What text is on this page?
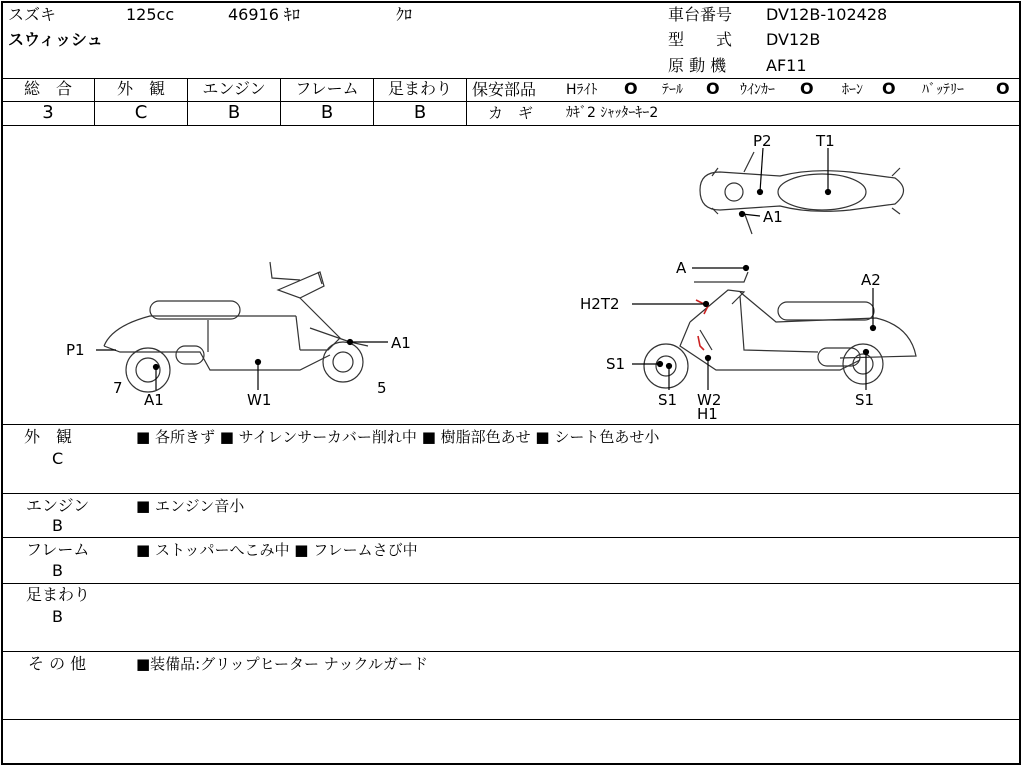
スズキ	125cc	46916 ｷﾛ	ｸﾛ
スウィッシュ
車台番号 DV12B-102428
型　　式 DV12B
原 動 機 AF11
総　合	外　観	エンジン	フレーム	足まわり
3	C	B	B	B
保安部品 Hﾗｲﾄ O ﾃｰﾙ O ｳｲﾝｶｰ O ﾎｰﾝ O ﾊﾞｯﾃﾘｰ O
カ　ギ ｶｷﾞ2 ｼｬｯﾀｰｷｰ2
P1	A1
7
A1	W1
5
P2	T1
A1
A
A2
H2T2
S1
S1 W2
H1
S1
外　観
C
■ 各所きず ■ サイレンサーカバー削れ中 ■ 樹脂部色あせ ■ シート色あせ小
エンジン
B
■ エンジン音小
フレーム
B
■ ストッパーへこみ中 ■ フレームさび中
足まわり
B
そ の 他	■装備品:グリップヒーター ナックルガード
